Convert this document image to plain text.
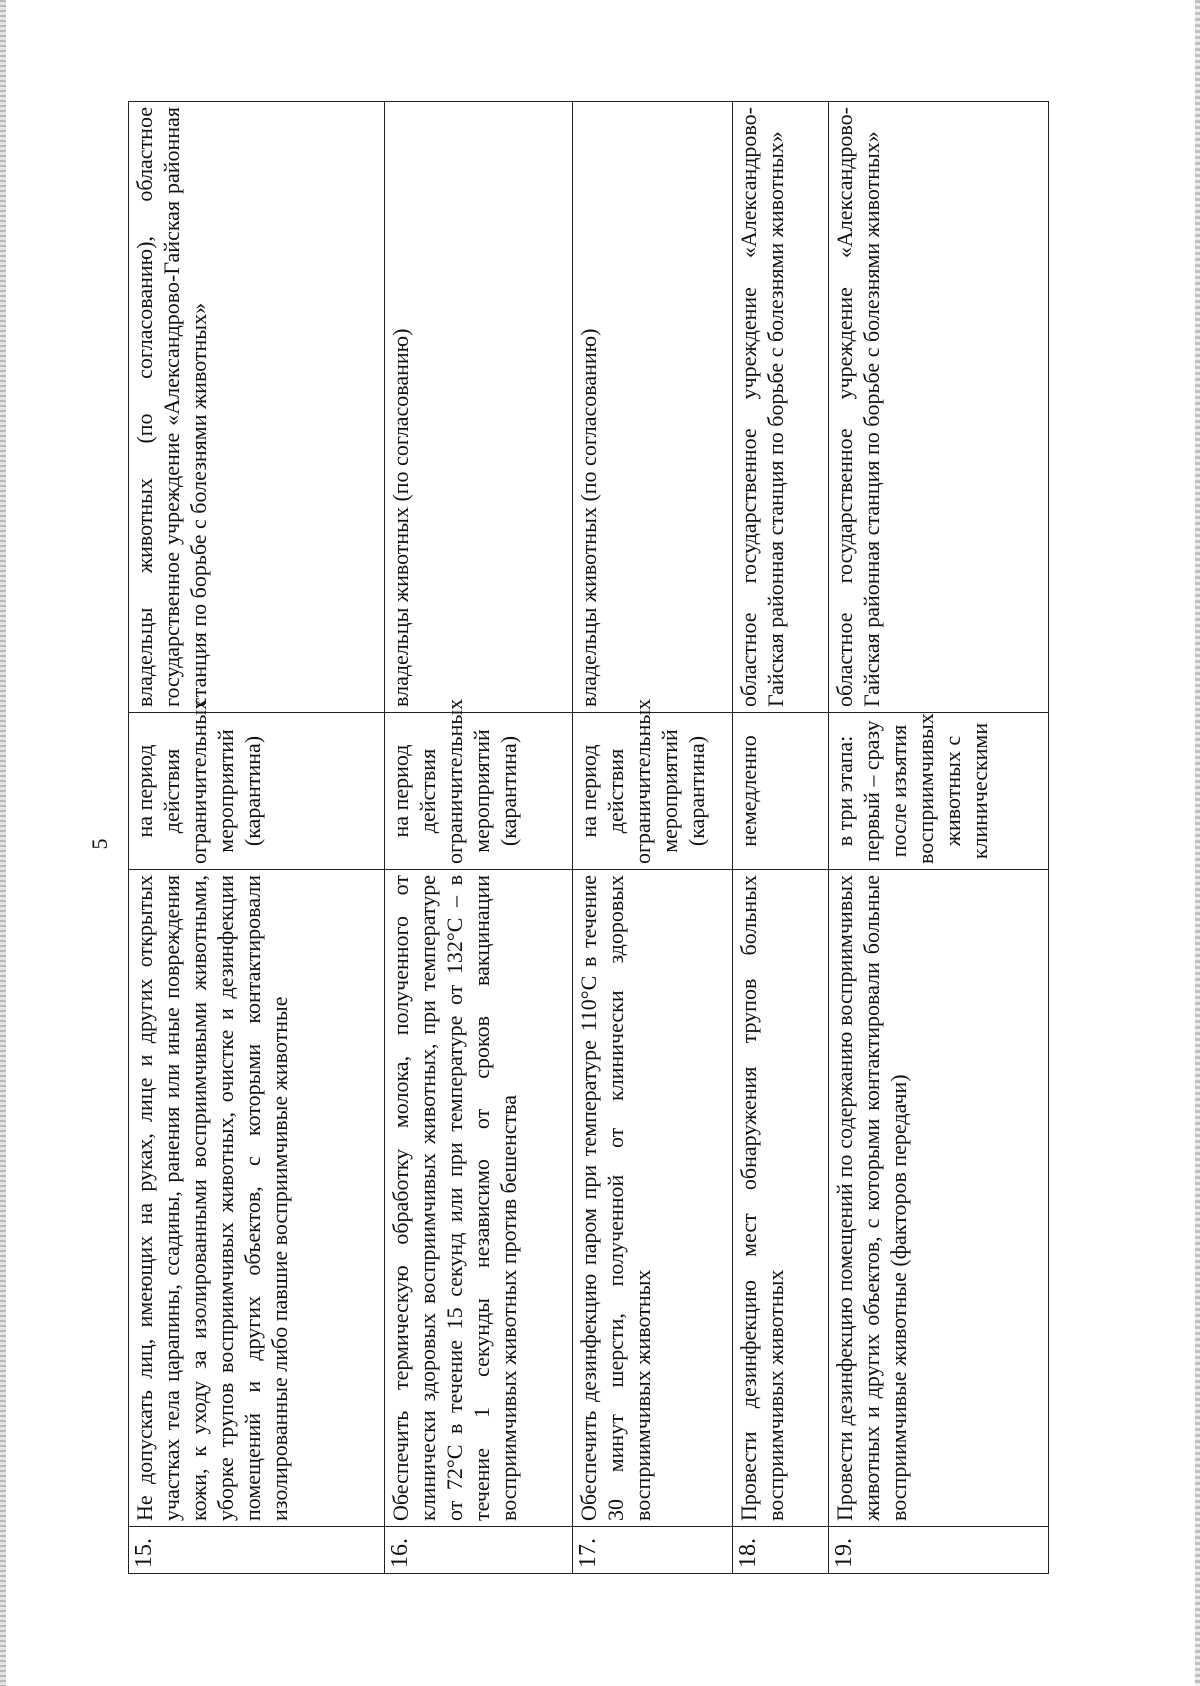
5
15.	Не допускать лиц, имеющих на руках, лице и других открытых участках тела царапины, ссадины, ранения или иные повреждения кожи, к уходу за изолированными восприимчивыми животными, уборке трупов восприимчивых животных, очистке и дезинфекции помещений и других объектов, с которыми контактировали изолированные либо павшие восприимчивые животные	на период действия ограничительных мероприятий (карантина)	владельцы животных (по согласованию), областное государственное учреждение «Александрово-Гайская районная станция по борьбе с болезнями животных»
16.	Обеспечить термическую обработку молока, полученного от клинически здоровых восприимчивых животных, при температуре от 72°С в течение 15 секунд или при температуре от 132°С – в течение 1 секунды независимо от сроков вакцинации восприимчивых животных против бешенства	на период действия ограничительных мероприятий (карантина)	владельцы животных (по согласованию)
17.	Обеспечить дезинфекцию паром при температуре 110°С в течение 30 минут шерсти, полученной от клинически здоровых восприимчивых животных	на период действия ограничительных мероприятий (карантина)	владельцы животных (по согласованию)
18.	Провести дезинфекцию мест обнаружения трупов больных восприимчивых животных	немедленно	областное государственное учреждение «Александрово-Гайская районная станция по борьбе с болезнями животных»
19.	Провести дезинфекцию помещений по содержанию восприимчивых животных и других объектов, с которыми контактировали больные восприимчивые животные (факторов передачи)	в три этапа: первый – сразу после изъятия восприимчивых животных с клиническими	областное государственное учреждение «Александрово-Гайская районная станция по борьбе с болезнями животных»
